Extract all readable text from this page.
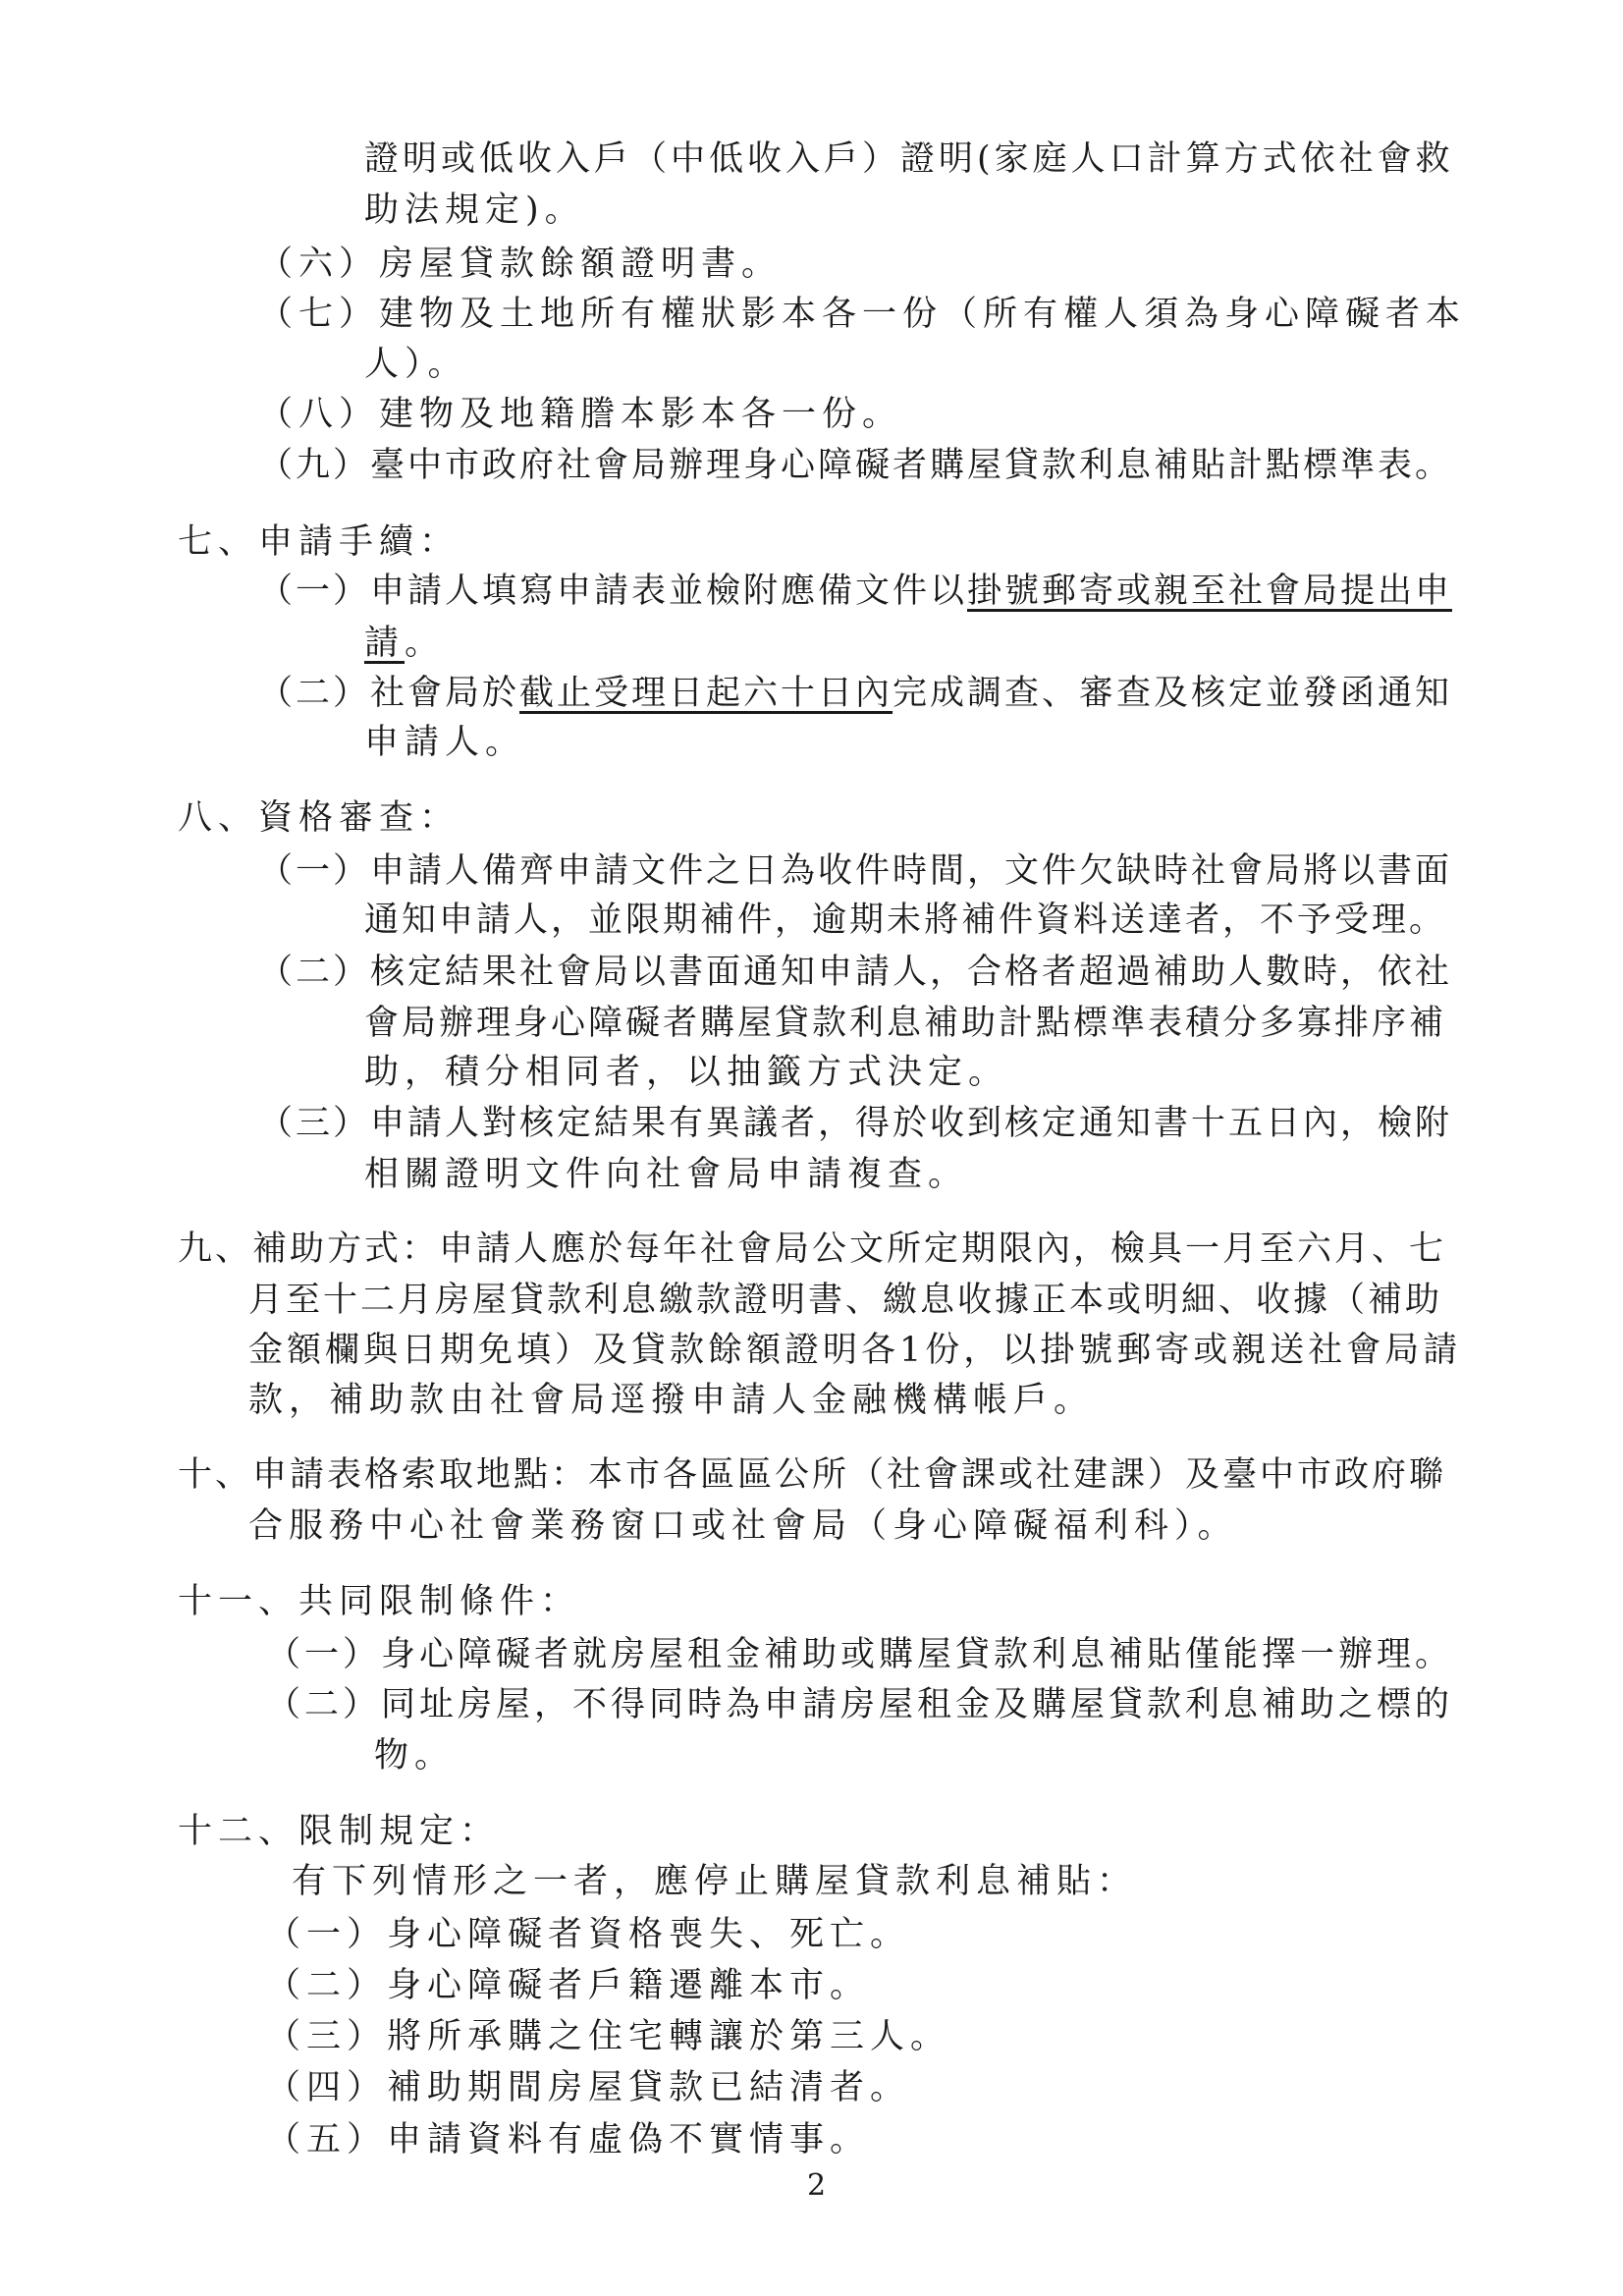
證明或低收入戶（中低收入戶）證明(家庭人口計算方式依社會救

助法規定)。

（六）房屋貸款餘額證明書。

（七）建物及土地所有權狀影本各一份（所有權人須為身心障礙者本

人）。

（八）建物及地籍謄本影本各一份。

（九）臺中市政府社會局辦理身心障礙者購屋貸款利息補貼計點標準表。

七、申請手續：

（一）申請人填寫申請表並檢附應備文件以掛號郵寄或親至社會局提出申

請。

（二）社會局於截止受理日起六十日內完成調查、審查及核定並發函通知

申請人。

八、資格審查：

（一）申請人備齊申請文件之日為收件時間，文件欠缺時社會局將以書面

通知申請人，並限期補件，逾期未將補件資料送達者，不予受理。

（二）核定結果社會局以書面通知申請人，合格者超過補助人數時，依社

會局辦理身心障礙者購屋貸款利息補助計點標準表積分多寡排序補

助，積分相同者，以抽籤方式決定。

（三）申請人對核定結果有異議者，得於收到核定通知書十五日內，檢附

相關證明文件向社會局申請複查。

九、補助方式：申請人應於每年社會局公文所定期限內，檢具一月至六月、七

月至十二月房屋貸款利息繳款證明書、繳息收據正本或明細、收據（補助

金額欄與日期免填）及貸款餘額證明各1份，以掛號郵寄或親送社會局請

款，補助款由社會局逕撥申請人金融機構帳戶。

十、申請表格索取地點：本市各區區公所（社會課或社建課）及臺中市政府聯

合服務中心社會業務窗口或社會局（身心障礙福利科）。

十一、共同限制條件：

（一）身心障礙者就房屋租金補助或購屋貸款利息補貼僅能擇一辦理。

（二）同址房屋，不得同時為申請房屋租金及購屋貸款利息補助之標的

物。

十二、限制規定：

有下列情形之一者，應停止購屋貸款利息補貼：

（一）身心障礙者資格喪失、死亡。

（二）身心障礙者戶籍遷離本市。

（三）將所承購之住宅轉讓於第三人。

（四）補助期間房屋貸款已結清者。

（五）申請資料有虛偽不實情事。

2
